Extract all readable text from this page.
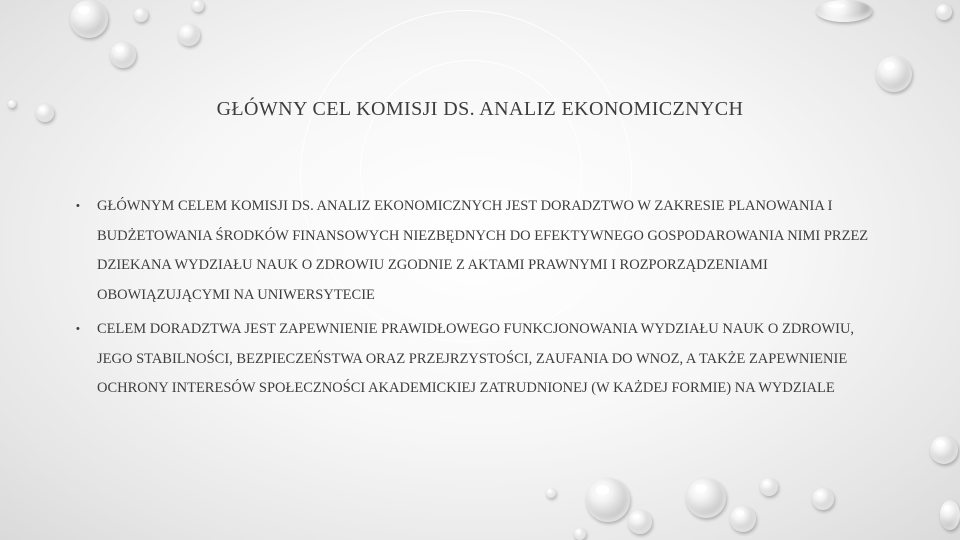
GŁÓWNY CEL KOMISJI DS. ANALIZ EKONOMICZNYCH
• GŁÓWNYM CELEM KOMISJI DS. ANALIZ EKONOMICZNYCH JEST DORADZTWO W ZAKRESIE PLANOWANIA I BUDŻETOWANIA ŚRODKÓW FINANSOWYCH NIEZBĘDNYCH DO EFEKTYWNEGO GOSPODAROWANIA NIMI PRZEZ DZIEKANA WYDZIAŁU NAUK O ZDROWIU ZGODNIE Z AKTAMI PRAWNYMI I ROZPORZĄDZENIAMI OBOWIĄZUJĄCYMI NA UNIWERSYTECIE
• CELEM DORADZTWA JEST ZAPEWNIENIE PRAWIDŁOWEGO FUNKCJONOWANIA WYDZIAŁU NAUK O ZDROWIU, JEGO STABILNOŚCI, BEZPIECZEŃSTWA ORAZ PRZEJRZYSTOŚCI, ZAUFANIA DO WNOZ, A TAKŻE ZAPEWNIENIE OCHRONY INTERESÓW SPOŁECZNOŚCI AKADEMICKIEJ ZATRUDNIONEJ (W KAŻDEJ FORMIE) NA WYDZIALE
